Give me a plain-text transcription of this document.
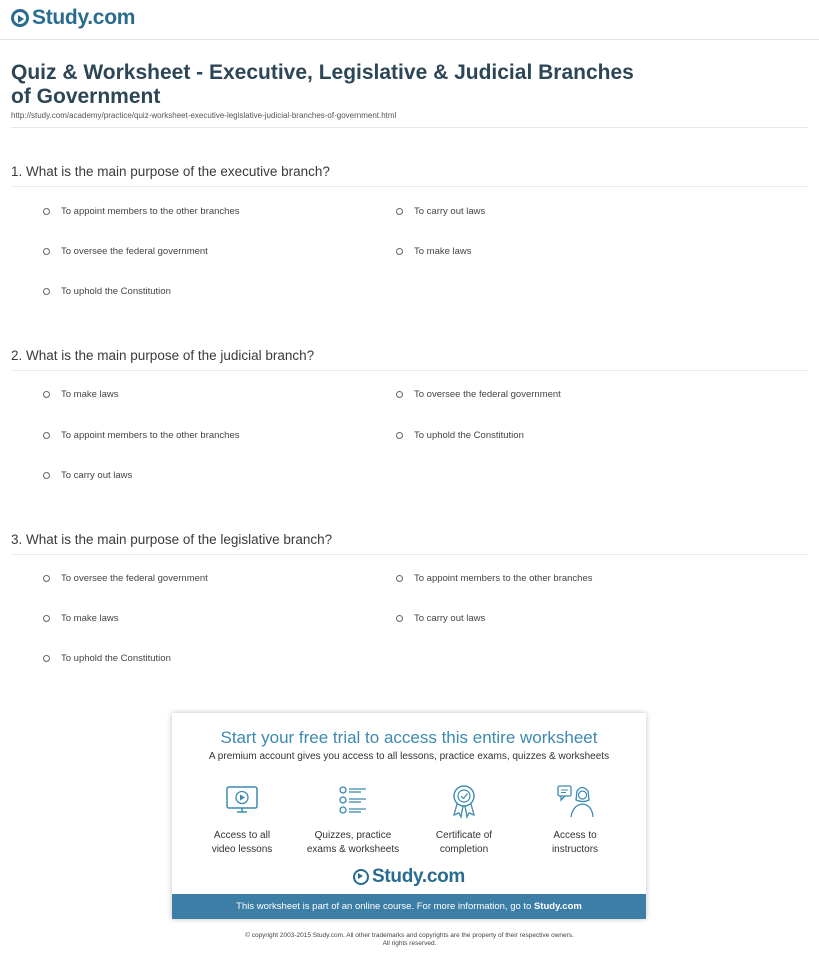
Study.com
Quiz & Worksheet - Executive, Legislative & Judicial Branches of Government
http://study.com/academy/practice/quiz-worksheet-executive-legislative-judicial-branches-of-government.html
1. What is the main purpose of the executive branch?
To appoint members to the other branches	To carry out laws
To oversee the federal government	To make laws
To uphold the Constitution
2. What is the main purpose of the judicial branch?
To make laws	To oversee the federal government
To appoint members to the other branches	To uphold the Constitution
To carry out laws
3. What is the main purpose of the legislative branch?
To oversee the federal government	To appoint members to the other branches
To make laws	To carry out laws
To uphold the Constitution
Start your free trial to access this entire worksheet
A premium account gives you access to all lessons, practice exams, quizzes & worksheets
Access to all
video lessons
Quizzes, practice
exams & worksheets
Certificate of
completion
Access to
instructors
Study.com
This worksheet is part of an online course. For more information, go to Study.com
© copyright 2003-2015 Study.com. All other trademarks and copyrights are the property of their respective owners.
All rights reserved.
